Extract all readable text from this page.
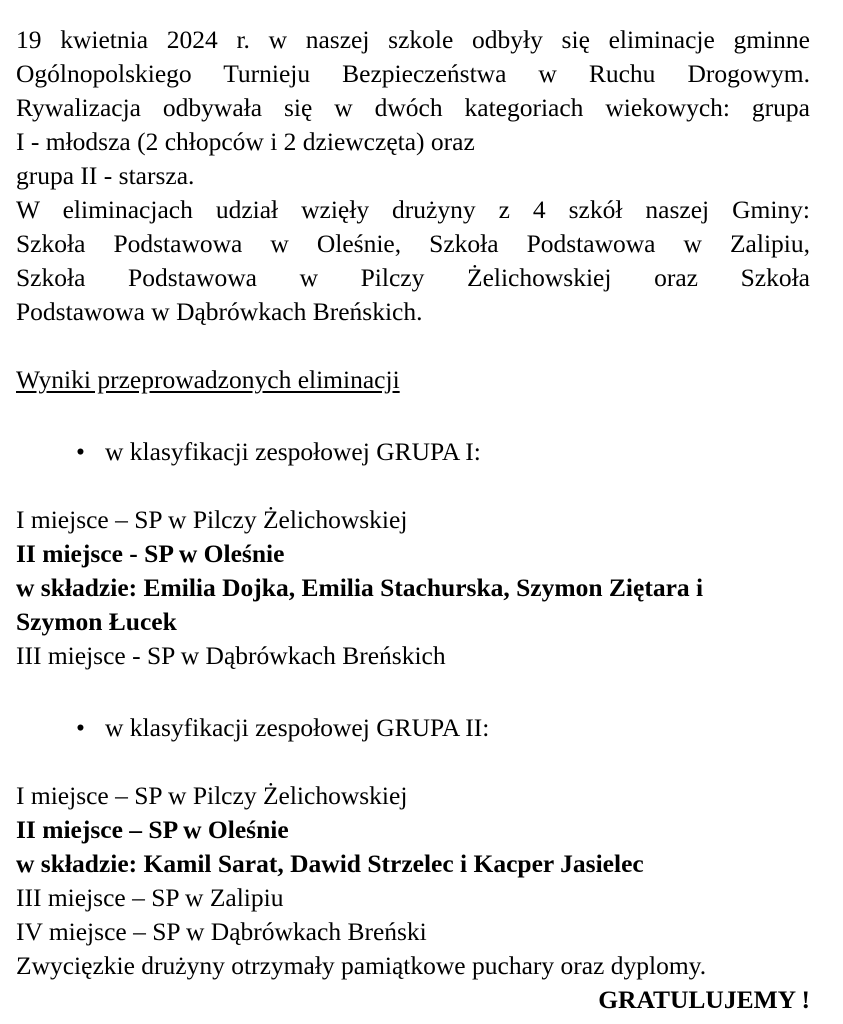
19 kwietnia 2024 r. w naszej szkole odbyły się eliminacje gminne
Ogólnopolskiego Turnieju Bezpieczeństwa w Ruchu Drogowym.
Rywalizacja odbywała się w dwóch kategoriach wiekowych: grupa
I - młodsza (2 chłopców i 2 dziewczęta) oraz
grupa II - starsza.
W eliminacjach udział wzięły drużyny z 4 szkół naszej Gminy:
Szkoła Podstawowa w Oleśnie, Szkoła Podstawowa w Zalipiu,
Szkoła Podstawowa w Pilczy Żelichowskiej oraz Szkoła
Podstawowa w Dąbrówkach Breńskich.
Wyniki przeprowadzonych eliminacji
• w klasyfikacji zespołowej GRUPA I:
I miejsce – SP w Pilczy Żelichowskiej
II miejsce - SP w Oleśnie
w składzie: Emilia Dojka, Emilia Stachurska, Szymon Ziętara i
Szymon Łucek
III miejsce - SP w Dąbrówkach Breńskich
• w klasyfikacji zespołowej GRUPA II:
I miejsce – SP w Pilczy Żelichowskiej
II miejsce – SP w Oleśnie
w składzie: Kamil Sarat, Dawid Strzelec i Kacper Jasielec
III miejsce – SP w Zalipiu
IV miejsce – SP w Dąbrówkach Breński
Zwycięzkie drużyny otrzymały pamiątkowe puchary oraz dyplomy.
GRATULUJEMY !
